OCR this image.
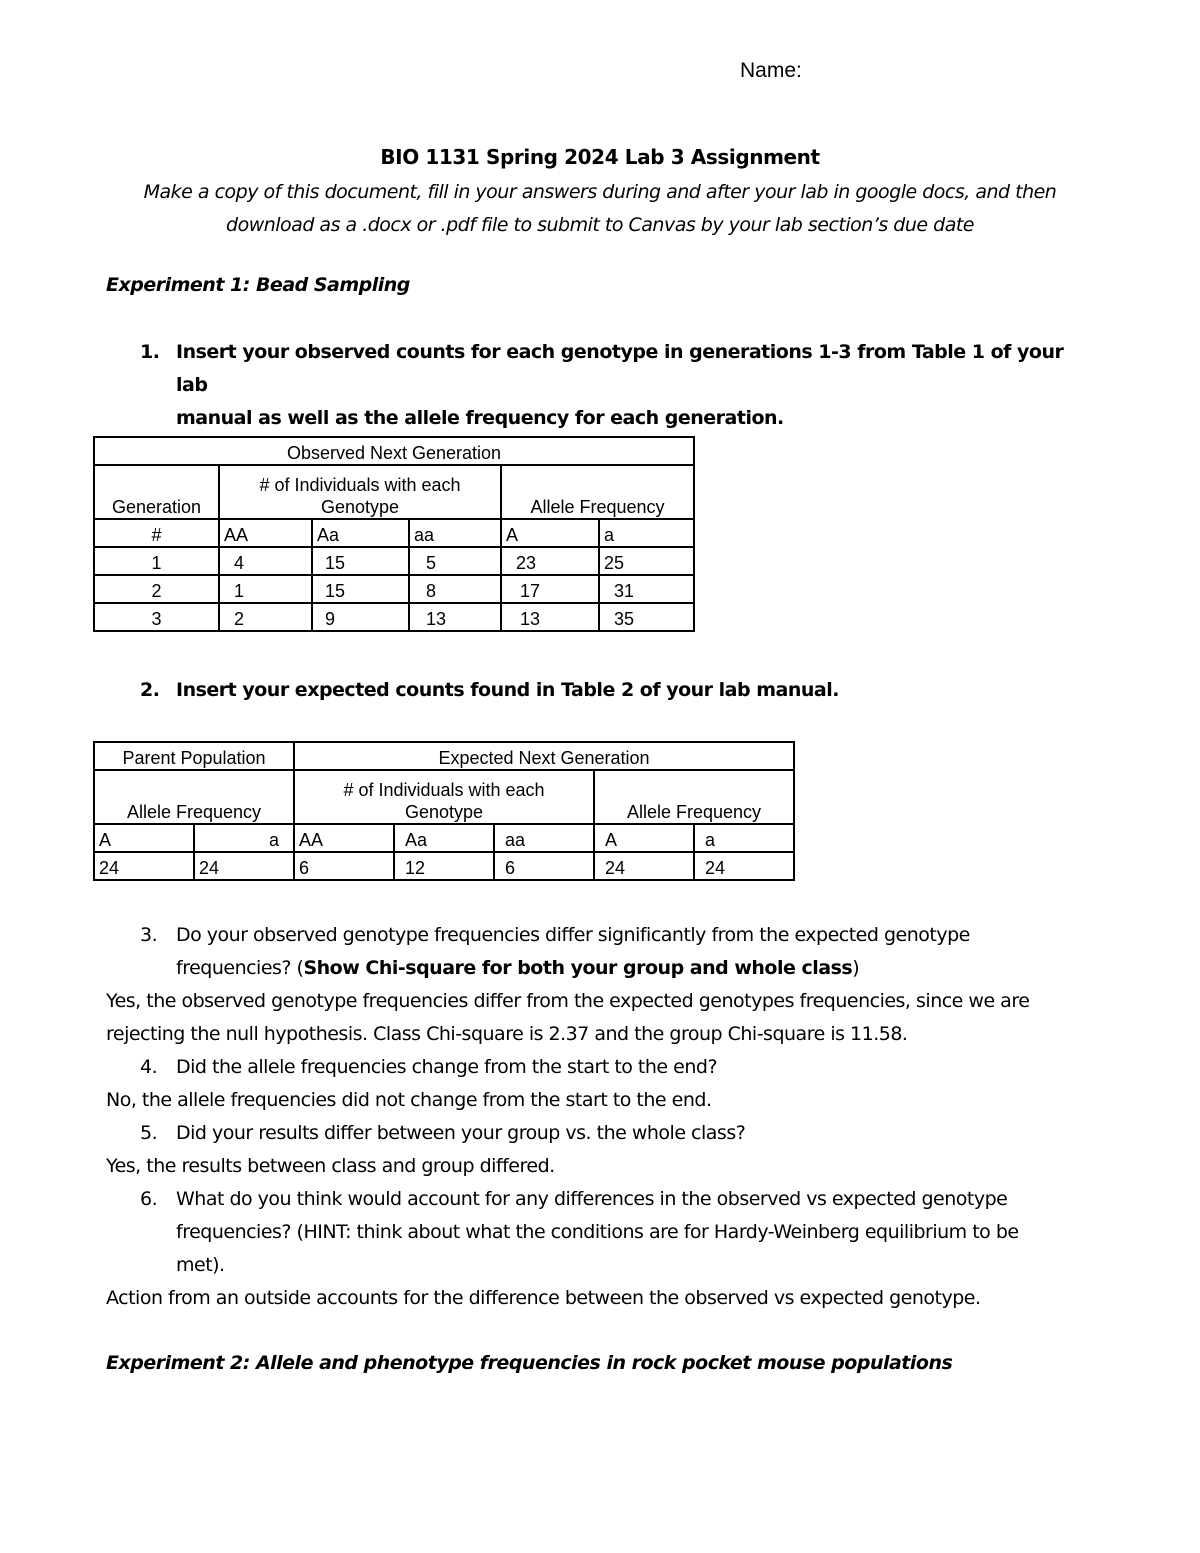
Name:
BIO 1131 Spring 2024 Lab 3 Assignment
Make a copy of this document, fill in your answers during and after your lab in google docs, and then
download as a .docx or .pdf file to submit to Canvas by your lab section’s due date
Experiment 1: Bead Sampling
1. Insert your observed counts for each genotype in generations 1-3 from Table 1 of your lab
manual as well as the allele frequency for each generation.
Observed Next Generation					
Generation	# of Individuals with each
Genotype			Allele Frequency	
#	AA	Aa	aa	A	a
1	4	15	5	23	25
2	1	15	8	17	31
3	2	9	13	13	35
2. Insert your expected counts found in Table 2 of your lab manual.
Parent Population		Expected Next Generation				
Allele Frequency		# of Individuals with each
Genotype			Allele Frequency	
A	a	AA	Aa	aa	A	a
24	24	6	12	6	24	24
3. Do your observed genotype frequencies differ significantly from the expected genotype
frequencies? (Show Chi-square for both your group and whole class)
Yes, the observed genotype frequencies differ from the expected genotypes frequencies, since we are
rejecting the null hypothesis. Class Chi-square is 2.37 and the group Chi-square is 11.58.
4. Did the allele frequencies change from the start to the end?
No, the allele frequencies did not change from the start to the end.
5. Did your results differ between your group vs. the whole class?
Yes, the results between class and group differed.
6. What do you think would account for any differences in the observed vs expected genotype
frequencies? (HINT: think about what the conditions are for Hardy-Weinberg equilibrium to be
met).
Action from an outside accounts for the difference between the observed vs expected genotype.
Experiment 2: Allele and phenotype frequencies in rock pocket mouse populations
